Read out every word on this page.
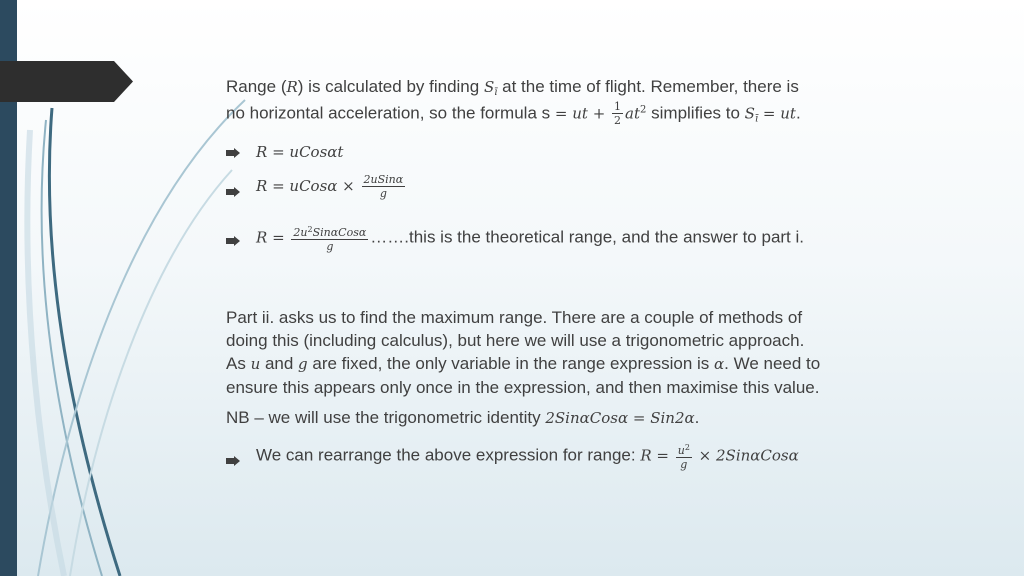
Range (R) is calculated by finding $S_ī$ at the time of flight. Remember, there is
no horizontal acceleration, so the formula s = ut + $\frac{1}{2} at^2$ simplifies to $S_ī$ = ut.
R = uCosαt
R = uCosα × $\frac{\text{2uSinα}}{g}$
$R = \frac{2u^2Sin\alpha Cos\alpha}{g}$ …….this is the theoretical range, and the answer to part i.
Part ii. asks us to find the maximum range. There are a couple of methods of
doing this (including calculus), but here we will use a trigonometric approach.
As u and g are fixed, the only variable in the range expression is α. We need to
ensure this appears only once in the expression, and then maximise this value.
NB – we will use the trigonometric identity 2SinαCosα = Sin2α.
We can rearrange the above expression for range: $R = \frac{u^2}{g} \times 2Sin\alpha Cos\alpha$
